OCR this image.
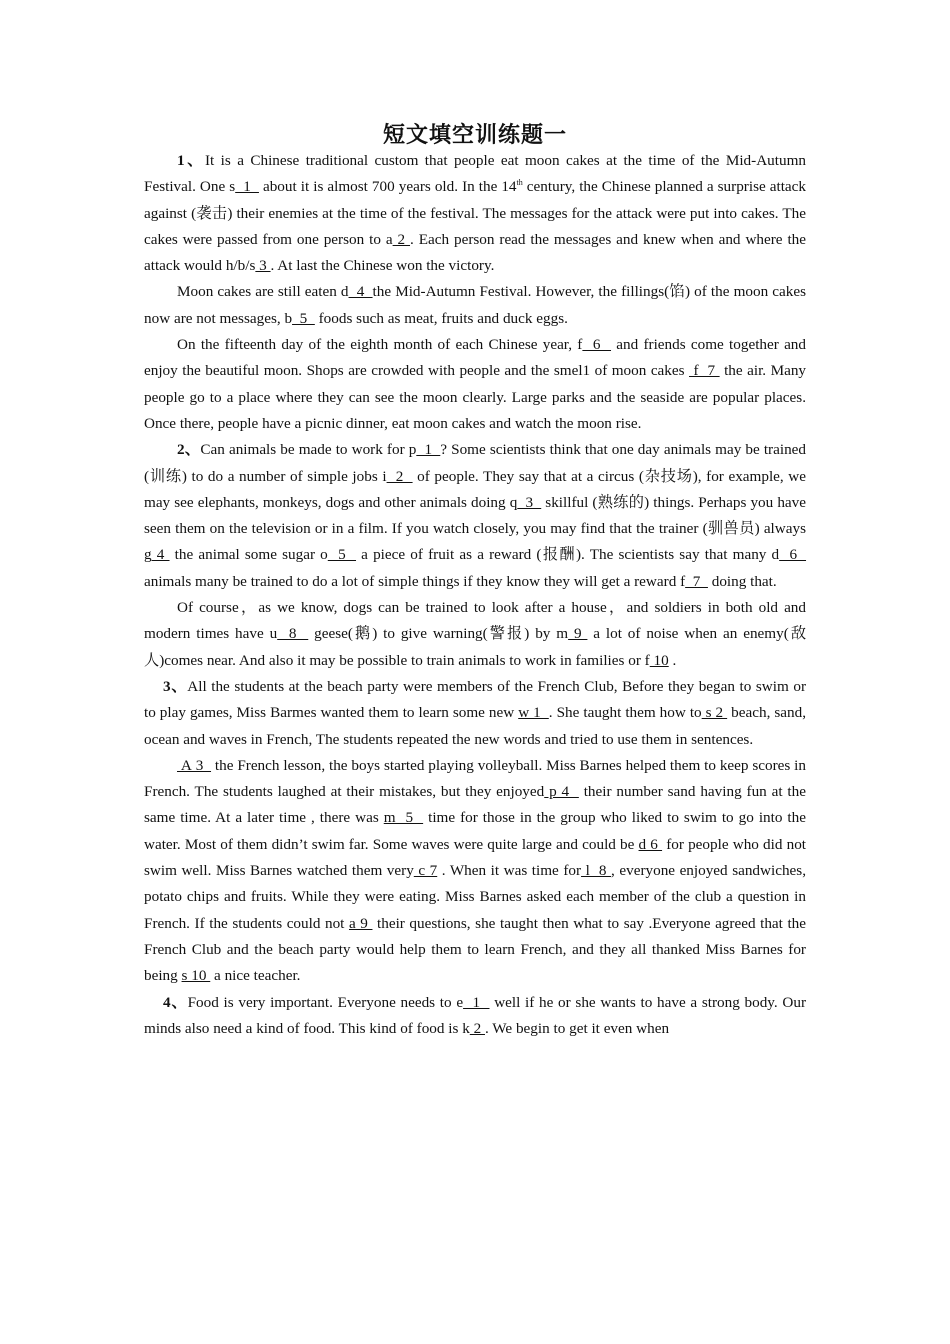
短文填空训练题一

1、It is a Chinese traditional custom that people eat moon cakes at the time of the Mid-Autumn Festival. One s  1   about it is almost 700 years old. In the 14th century, the Chinese planned a surprise attack against (袭击) their enemies at the time of the festival. The messages for the attack were put into cakes. The cakes were passed from one person to a 2 . Each person read the messages and knew when and where the attack would h/b/s 3 . At last the Chinese won the victory.

Moon cakes are still eaten d  4  the Mid-Autumn Festival. However, the fillings(馅) of the moon cakes now are not messages, b  5   foods such as meat, fruits and duck eggs.

On the fifteenth day of the eighth month of each Chinese year, f  6   and friends come together and enjoy the beautiful moon. Shops are crowded with people and the smel1 of moon cakes  f  7  the air. Many people go to a place where they can see the moon clearly. Large parks and the seaside are popular places. Once there, people have a picnic dinner, eat moon cakes and watch the moon rise.

2、Can animals be made to work for p  1  ? Some scientists think that one day animals may be trained (训练) to do a number of simple jobs i  2   of people. They say that at a circus (杂技场), for example, we may see elephants, monkeys, dogs and other animals doing q  3   skillful (熟练的) things. Perhaps you have seen them on the television or in a film. If you watch closely, you may find that the trainer (驯兽员) always g 4  the animal some sugar o  5   a piece of fruit as a reward (报酬). The scientists say that many d  6   animals many be trained to do a lot of simple things if they know they will get a reward f  7   doing that.

Of course，as we know, dogs can be trained to look after a house，and soldiers in both old and modern times have u  8   geese(鹅) to give warning(警报) by m 9  a lot of noise when an enemy(敌人)comes near. And also it may be possible to train animals to work in families or f 10 .

3、All the students at the beach party were members of the French Club, Before they began to swim or to play games, Miss Barmes wanted them to learn some new w 1  . She taught them how to s 2  beach, sand, ocean and waves in French, The students repeated the new words and tried to use them in sentences.

A 3   the French lesson, the boys started playing volleyball. Miss Barnes helped them to keep scores in French. The students laughed at their mistakes, but they enjoyed p 4   their number sand having fun at the same time. At a later time , there was m  5   time for those in the group who liked to swim to go into the water. Most of them didn’t swim far. Some waves were quite large and could be d 6  for people who did not swim well. Miss Barnes watched them very c 7 . When it was time for l  8 , everyone enjoyed sandwiches, potato chips and fruits. While they were eating. Miss Barnes asked each member of the club a question in French. If the students could not a 9  their questions, she taught then what to say .Everyone agreed that the French Club and the beach party would help them to learn French, and they all thanked Miss Barnes for being s 10  a nice teacher.

4、Food is very important. Everyone needs to e  1   well if he or she wants to have a strong body. Our minds also need a kind of food. This kind of food is k 2 . We begin to get it even when
